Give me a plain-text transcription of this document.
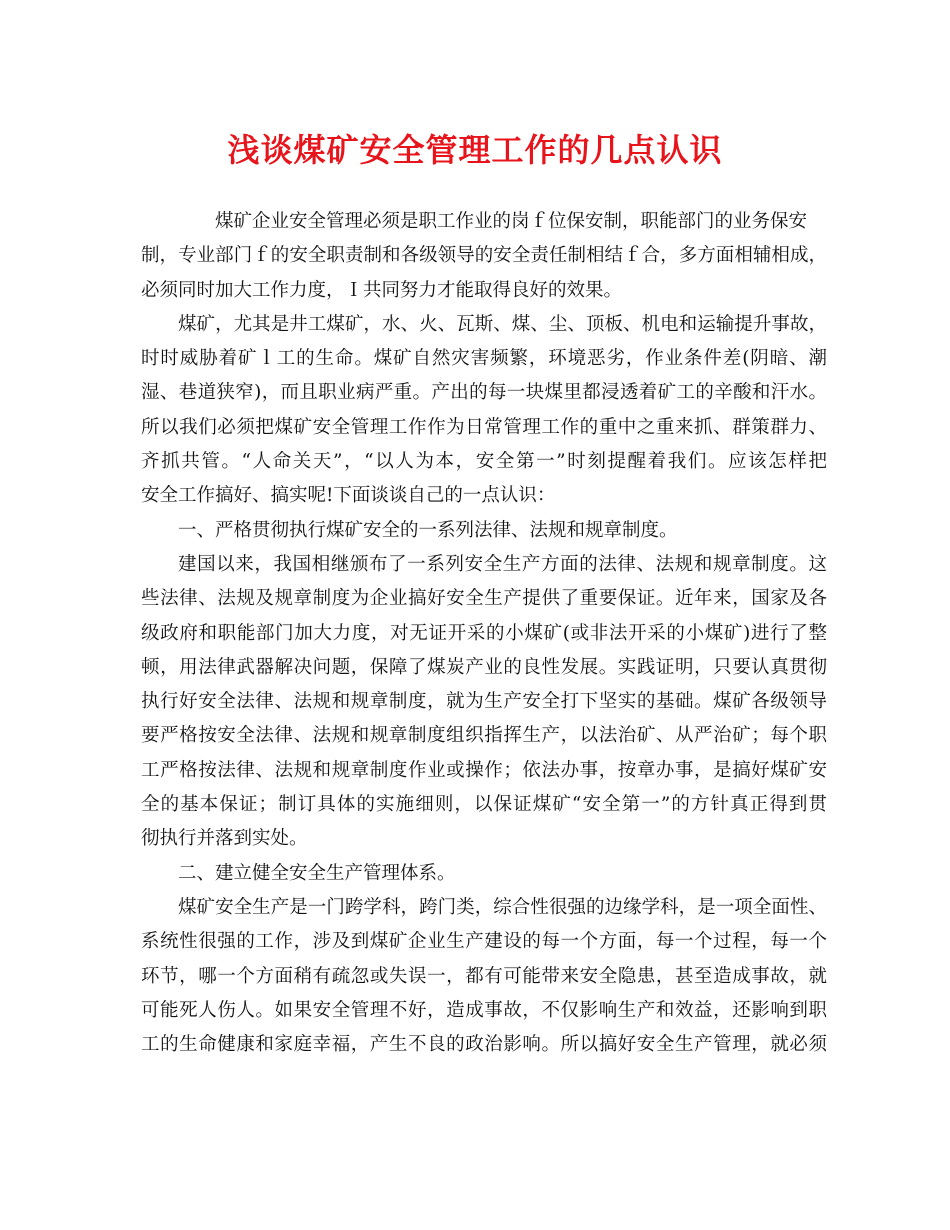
浅谈煤矿安全管理工作的几点认识
煤矿企业安全管理必须是职工作业的岗ｆ位保安制，职能部门的业务保安
制，专业部门ｆ的安全职责制和各级领导的安全责任制相结ｆ合，多方面相辅相成，
必须同时加大工作力度，Ｉ共同努力才能取得良好的效果。
煤矿，尤其是井工煤矿，水、火、瓦斯、煤、尘、顶板、机电和运输提升事故，
时时威胁着矿ｌ工的生命。煤矿自然灾害频繁，环境恶劣，作业条件差(阴暗、潮
湿、巷道狭窄)，而且职业病严重。产出的每一块煤里都浸透着矿工的辛酸和汗水。
所以我们必须把煤矿安全管理工作作为日常管理工作的重中之重来抓、群策群力、
齐抓共管。“人命关天”，“以人为本，安全第一”时刻提醒着我们。应该怎样把
安全工作搞好、搞实呢!下面谈谈自己的一点认识：
一、严格贯彻执行煤矿安全的一系列法律、法规和规章制度。
建国以来，我国相继颁布了一系列安全生产方面的法律、法规和规章制度。这
些法律、法规及规章制度为企业搞好安全生产提供了重要保证。近年来，国家及各
级政府和职能部门加大力度，对无证开采的小煤矿(或非法开采的小煤矿)进行了整
顿，用法律武器解决问题，保障了煤炭产业的良性发展。实践证明，只要认真贯彻
执行好安全法律、法规和规章制度，就为生产安全打下坚实的基础。煤矿各级领导
要严格按安全法律、法规和规章制度组织指挥生产，以法治矿、从严治矿；每个职
工严格按法律、法规和规章制度作业或操作；依法办事，按章办事，是搞好煤矿安
全的基本保证；制订具体的实施细则，以保证煤矿“安全第一”的方针真正得到贯
彻执行并落到实处。
二、建立健全安全生产管理体系。
煤矿安全生产是一门跨学科，跨门类，综合性很强的边缘学科，是一项全面性、
系统性很强的工作，涉及到煤矿企业生产建设的每一个方面，每一个过程，每一个
环节，哪一个方面稍有疏忽或失误一，都有可能带来安全隐患，甚至造成事故，就
可能死人伤人。如果安全管理不好，造成事故，不仅影响生产和效益，还影响到职
工的生命健康和家庭幸福，产生不良的政治影响。所以搞好安全生产管理，就必须
